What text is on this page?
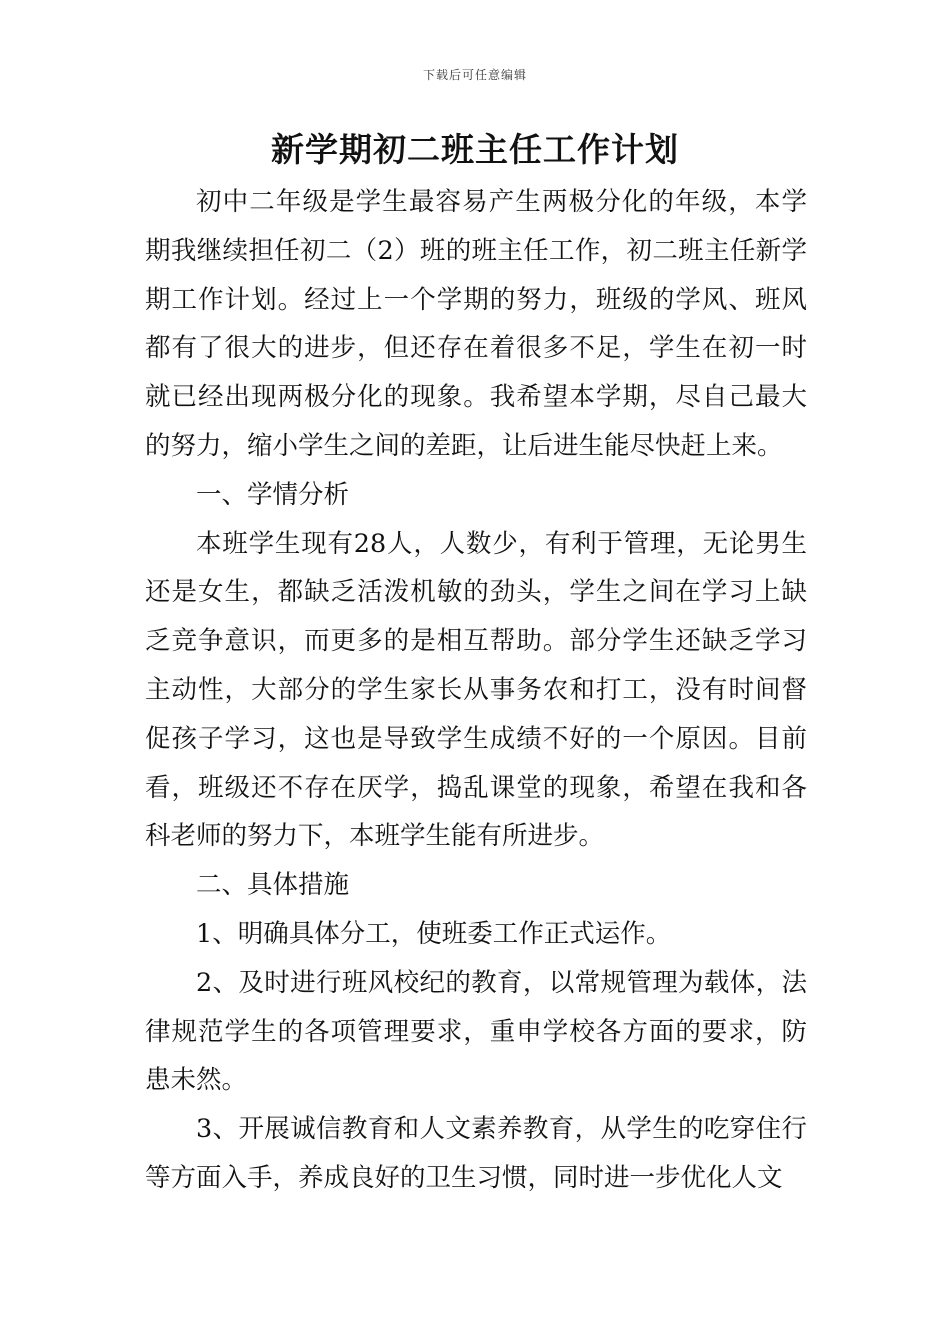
下载后可任意编辑
新学期初二班主任工作计划

初中二年级是学生最容易产生两极分化的年级，本学期我继续担任初二（2）班的班主任工作，初二班主任新学期工作计划。经过上一个学期的努力，班级的学风、班风都有了很大的进步，但还存在着很多不足，学生在初一时就已经出现两极分化的现象。我希望本学期，尽自己最大的努力，缩小学生之间的差距，让后进生能尽快赶上来。

一、学情分析

本班学生现有28人，人数少，有利于管理，无论男生还是女生，都缺乏活泼机敏的劲头，学生之间在学习上缺乏竞争意识，而更多的是相互帮助。部分学生还缺乏学习主动性，大部分的学生家长从事务农和打工，没有时间督促孩子学习，这也是导致学生成绩不好的一个原因。目前看，班级还不存在厌学，捣乱课堂的现象，希望在我和各科老师的努力下，本班学生能有所进步。

二、具体措施

1、明确具体分工，使班委工作正式运作。

2、及时进行班风校纪的教育，以常规管理为载体，法律规范学生的各项管理要求，重申学校各方面的要求，防患未然。

3、开展诚信教育和人文素养教育，从学生的吃穿住行等方面入手，养成良好的卫生习惯，同时进一步优化人文
